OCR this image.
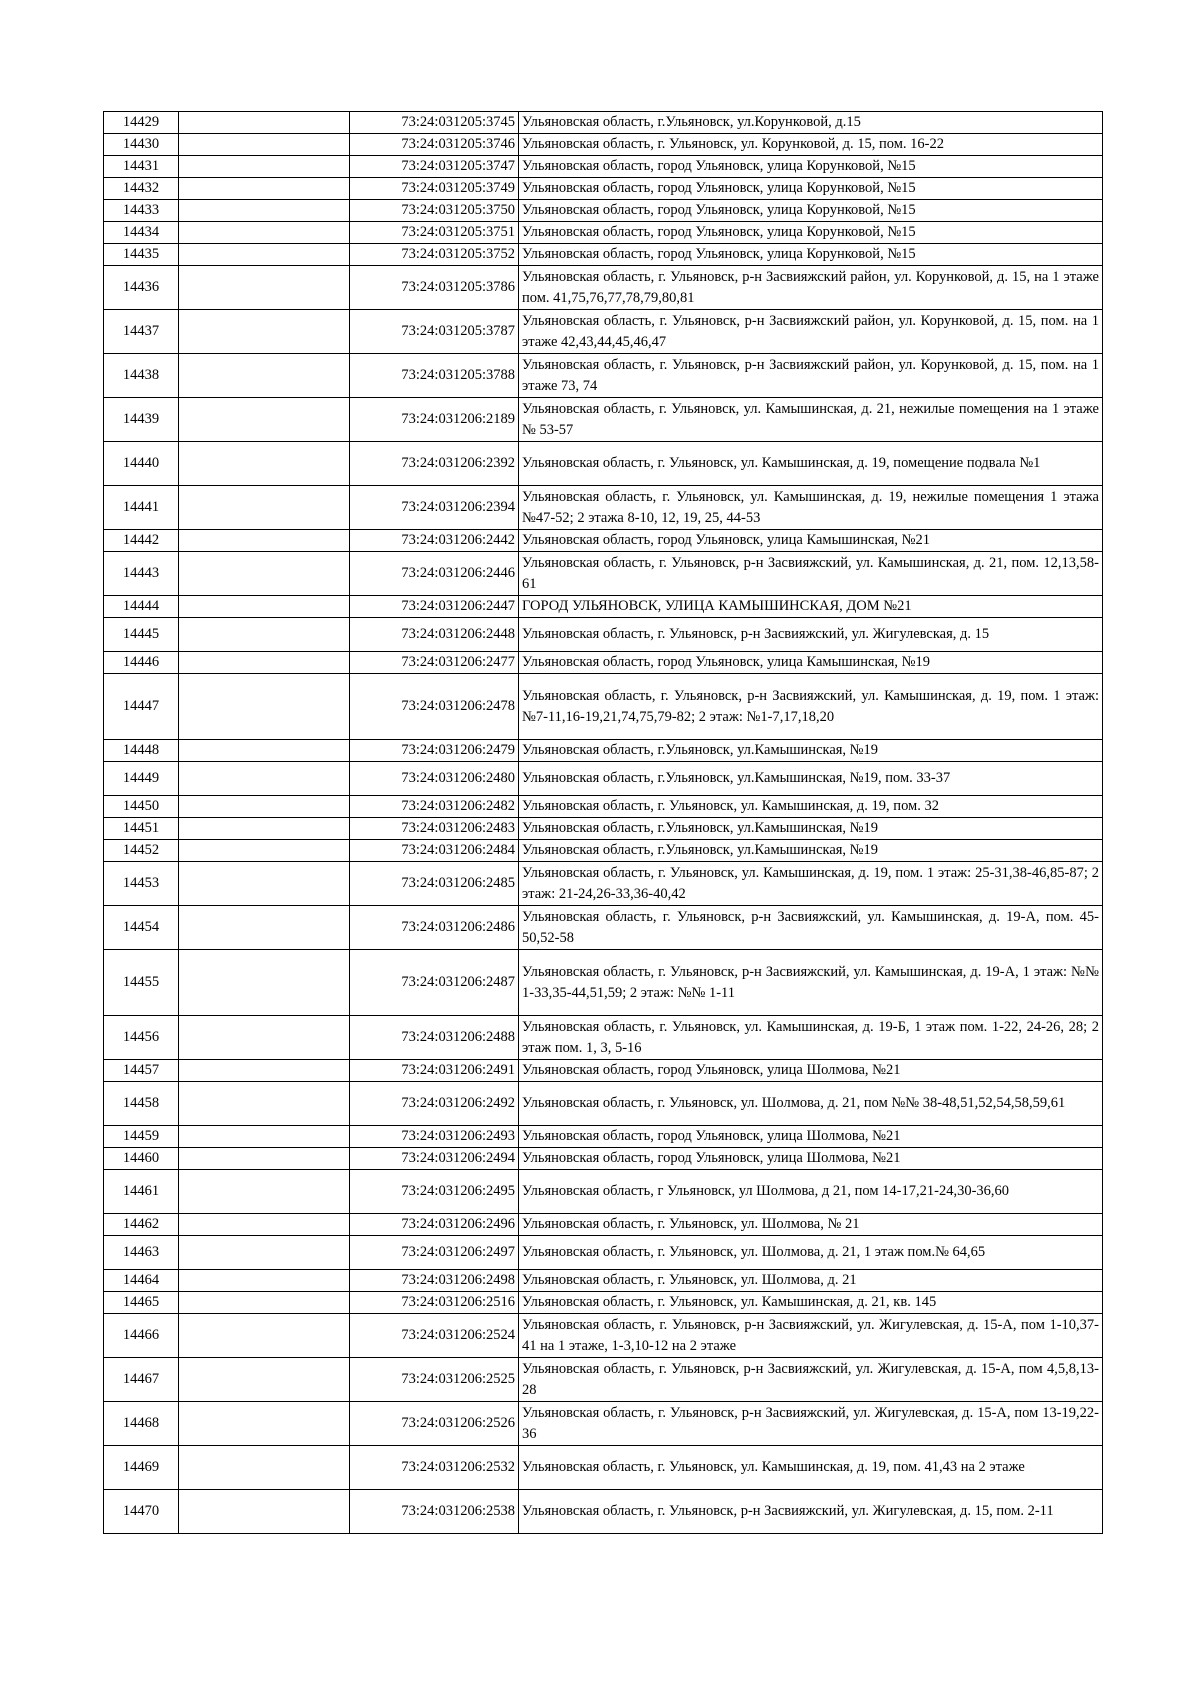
14429		73:24:031205:3745	Ульяновская область, г.Ульяновск, ул.Корунковой, д.15
14430		73:24:031205:3746	Ульяновская область, г. Ульяновск, ул. Корунковой, д. 15, пом. 16-22
14431		73:24:031205:3747	Ульяновская область, город Ульяновск, улица Корунковой, №15
14432		73:24:031205:3749	Ульяновская область, город Ульяновск, улица Корунковой, №15
14433		73:24:031205:3750	Ульяновская область, город Ульяновск, улица Корунковой, №15
14434		73:24:031205:3751	Ульяновская область, город Ульяновск, улица Корунковой, №15
14435		73:24:031205:3752	Ульяновская область, город Ульяновск, улица Корунковой, №15
14436		73:24:031205:3786	Ульяновская область, г. Ульяновск, р-н Засвияжский район, ул. Корунковой, д. 15, на 1 этаже пом. 41,75,76,77,78,79,80,81
14437		73:24:031205:3787	Ульяновская область, г. Ульяновск, р-н Засвияжский район, ул. Корунковой, д. 15, пом. на 1 этаже 42,43,44,45,46,47
14438		73:24:031205:3788	Ульяновская область, г. Ульяновск, р-н Засвияжский район, ул. Корунковой, д. 15, пом. на 1 этаже 73, 74
14439		73:24:031206:2189	Ульяновская область, г. Ульяновск, ул. Камышинская, д. 21, нежилые помещения на 1 этаже № 53-57
14440		73:24:031206:2392	Ульяновская область, г. Ульяновск, ул. Камышинская, д. 19, помещение подвала №1
14441		73:24:031206:2394	Ульяновская область, г. Ульяновск, ул. Камышинская, д. 19, нежилые помещения 1 этажа №47-52; 2 этажа 8-10, 12, 19, 25, 44-53
14442		73:24:031206:2442	Ульяновская область, город Ульяновск, улица Камышинская, №21
14443		73:24:031206:2446	Ульяновская область, г. Ульяновск, р-н Засвияжский, ул. Камышинская, д. 21, пом. 12,13,58-61
14444		73:24:031206:2447	ГОРОД УЛЬЯНОВСК, УЛИЦА КАМЫШИНСКАЯ, ДОМ №21
14445		73:24:031206:2448	Ульяновская область, г. Ульяновск, р-н Засвияжский, ул. Жигулевская, д. 15
14446		73:24:031206:2477	Ульяновская область, город Ульяновск, улица Камышинская, №19
14447		73:24:031206:2478	Ульяновская область, г. Ульяновск, р-н Засвияжский, ул. Камышинская, д. 19, пом. 1 этаж: №7-11,16-19,21,74,75,79-82; 2 этаж: №1-7,17,18,20
14448		73:24:031206:2479	Ульяновская область, г.Ульяновск, ул.Камышинская, №19
14449		73:24:031206:2480	Ульяновская область, г.Ульяновск, ул.Камышинская, №19, пом. 33-37
14450		73:24:031206:2482	Ульяновская область, г. Ульяновск, ул. Камышинская, д. 19, пом. 32
14451		73:24:031206:2483	Ульяновская область, г.Ульяновск, ул.Камышинская, №19
14452		73:24:031206:2484	Ульяновская область, г.Ульяновск, ул.Камышинская, №19
14453		73:24:031206:2485	Ульяновская область, г. Ульяновск, ул. Камышинская, д. 19, пом. 1 этаж: 25-31,38-46,85-87; 2 этаж: 21-24,26-33,36-40,42
14454		73:24:031206:2486	Ульяновская область, г. Ульяновск, р-н Засвияжский, ул. Камышинская, д. 19-А, пом. 45-50,52-58
14455		73:24:031206:2487	Ульяновская область, г. Ульяновск, р-н Засвияжский, ул. Камышинская, д. 19-А, 1 этаж: №№ 1-33,35-44,51,59; 2 этаж: №№ 1-11
14456		73:24:031206:2488	Ульяновская область, г. Ульяновск, ул. Камышинская, д. 19-Б, 1 этаж пом. 1-22, 24-26, 28; 2 этаж пом. 1, 3, 5-16
14457		73:24:031206:2491	Ульяновская область, город Ульяновск, улица Шолмова, №21
14458		73:24:031206:2492	Ульяновская область, г. Ульяновск, ул. Шолмова, д. 21, пом №№ 38-48,51,52,54,58,59,61
14459		73:24:031206:2493	Ульяновская область, город Ульяновск, улица Шолмова, №21
14460		73:24:031206:2494	Ульяновская область, город Ульяновск, улица Шолмова, №21
14461		73:24:031206:2495	Ульяновская область, г Ульяновск, ул Шолмова, д 21, пом 14-17,21-24,30-36,60
14462		73:24:031206:2496	Ульяновская область, г. Ульяновск, ул. Шолмова, № 21
14463		73:24:031206:2497	Ульяновская область, г. Ульяновск, ул. Шолмова, д. 21, 1 этаж пом.№ 64,65
14464		73:24:031206:2498	Ульяновская область, г. Ульяновск, ул. Шолмова, д. 21
14465		73:24:031206:2516	Ульяновская область, г. Ульяновск, ул. Камышинская, д. 21, кв. 145
14466		73:24:031206:2524	Ульяновская область, г. Ульяновск, р-н Засвияжский, ул. Жигулевская, д. 15-А, пом 1-10,37-41 на 1 этаже, 1-3,10-12 на 2 этаже
14467		73:24:031206:2525	Ульяновская область, г. Ульяновск, р-н Засвияжский, ул. Жигулевская, д. 15-А, пом 4,5,8,13-28
14468		73:24:031206:2526	Ульяновская область, г. Ульяновск, р-н Засвияжский, ул. Жигулевская, д. 15-А, пом 13-19,22-36
14469		73:24:031206:2532	Ульяновская область, г. Ульяновск, ул. Камышинская, д. 19, пом. 41,43 на 2 этаже
14470		73:24:031206:2538	Ульяновская область, г. Ульяновск, р-н Засвияжский, ул. Жигулевская, д. 15, пом. 2-11
